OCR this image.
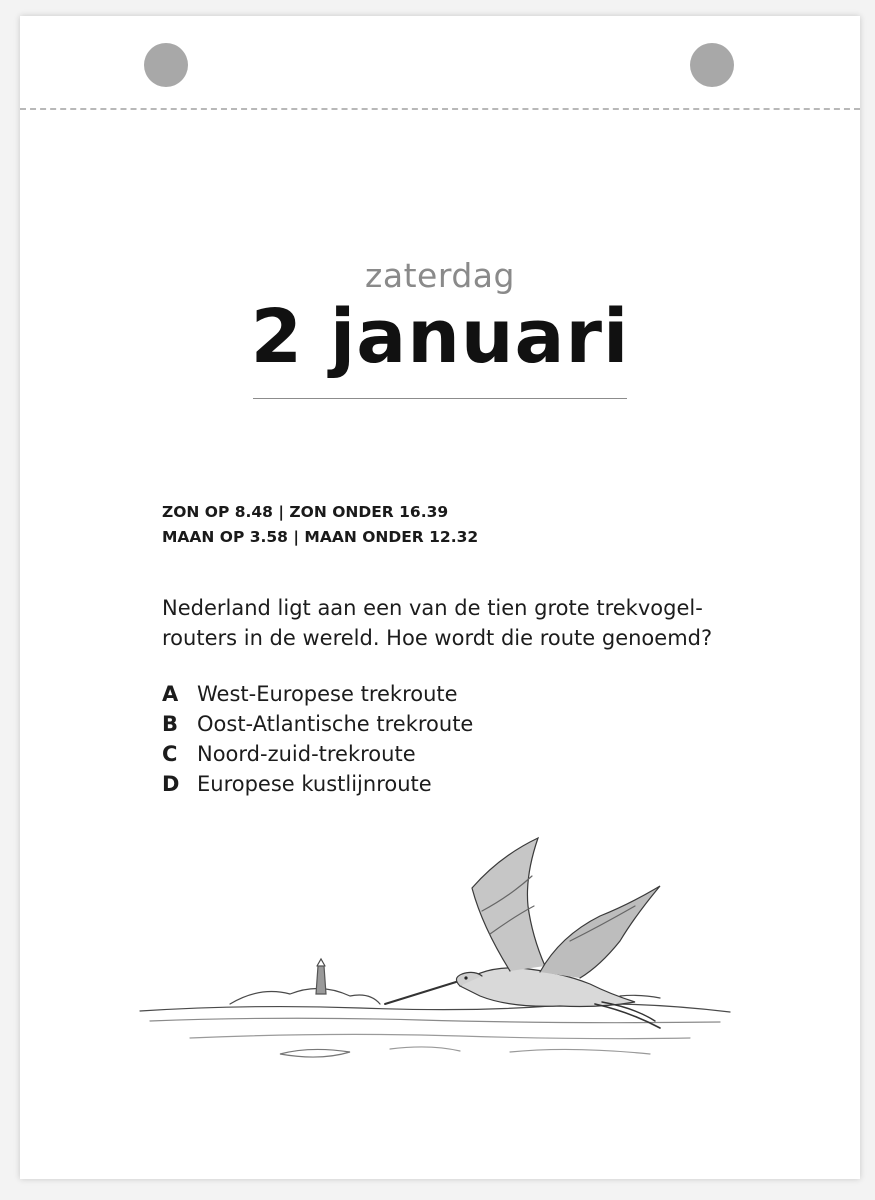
zaterdag
2 januari
ZON OP 8.48 | ZON ONDER 16.39
MAAN OP 3.58 | MAAN ONDER 12.32
Nederland ligt aan een van de tien grote trekvogel-
routers in de wereld. Hoe wordt die route genoemd?
A West-Europese trekroute
B Oost-Atlantische trekroute
C Noord-zuid-trekroute
D Europese kustlijnroute
